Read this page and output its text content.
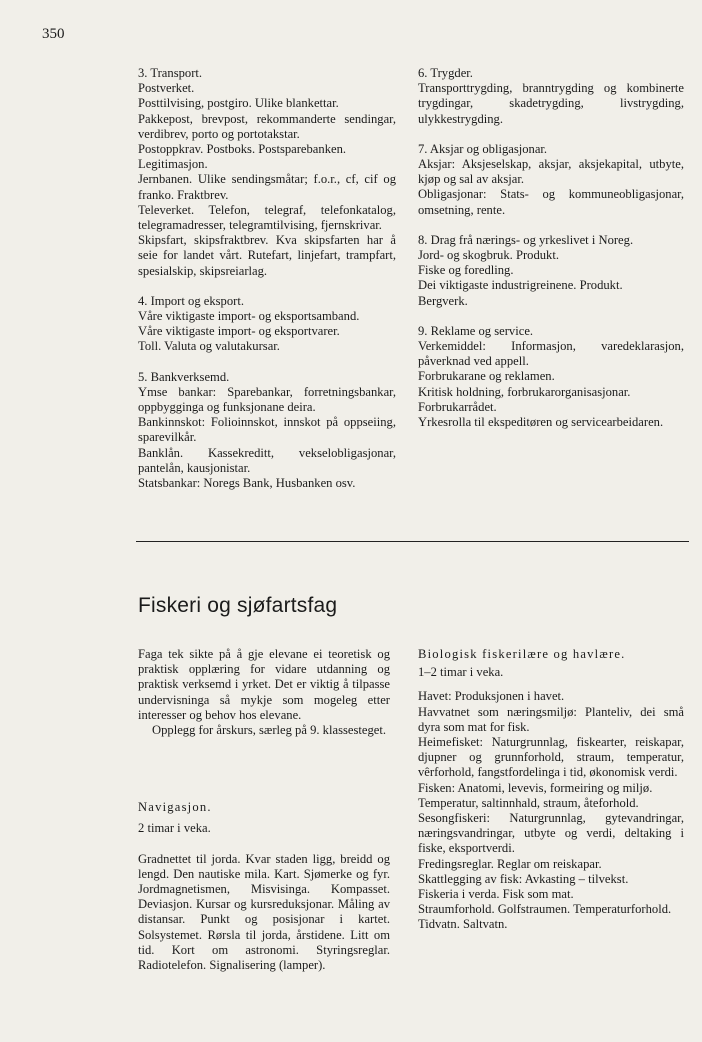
350

3. Transport.

Postverket.

Posttilvising, postgiro. Ulike blankettar.

Pakkepost, brevpost, rekommanderte sendingar, verdibrev, porto og portotakstar.

Postoppkrav. Postboks. Postsparebanken.

Legitimasjon.

Jernbanen. Ulike sendingsmåtar; f.o.r., cf, cif og franko. Fraktbrev.

Televerket. Telefon, telegraf, telefonkatalog, telegramadresser, telegramtilvising, fjernskrivar.

Skipsfart, skipsfraktbrev. Kva skipsfarten har å seie for landet vårt. Rutefart, linjefart, trampfart, spesialskip, skipsreiarlag.

4. Import og eksport.

Våre viktigaste import- og eksportsamband.

Våre viktigaste import- og eksportvarer.

Toll. Valuta og valutakursar.

5. Bankverksemd.

Ymse bankar: Sparebankar, forretningsbankar, oppbygginga og funksjonane deira.

Bankinnskot: Folioinnskot, innskot på oppseiing, sparevilkår.

Banklån. Kassekreditt, vekselobligasjonar, pantelån, kausjonistar.

Statsbankar: Noregs Bank, Husbanken osv.

6. Trygder.

Transporttrygding, branntrygding og kombinerte trygdingar, skadetrygding, livstrygding, ulykkestrygding.

7. Aksjar og obligasjonar.

Aksjar: Aksjeselskap, aksjar, aksjekapital, utbyte, kjøp og sal av aksjar.

Obligasjonar: Stats- og kommuneobligasjonar, omsetning, rente.

8. Drag frå nærings- og yrkeslivet i Noreg.

Jord- og skogbruk. Produkt.

Fiske og foredling.

Dei viktigaste industrigreinene. Produkt.

Bergverk.

9. Reklame og service.

Verkemiddel: Informasjon, varedeklarasjon, påverknad ved appell.

Forbrukarane og reklamen.

Kritisk holdning, forbrukarorganisasjonar.

Forbrukarrådet.

Yrkesrolla til ekspeditøren og servicearbeidaren.

Fiskeri og sjøfartsfag

Faga tek sikte på å gje elevane ei teoretisk og praktisk opplæring for vidare utdanning og praktisk verksemd i yrket. Det er viktig å tilpasse undervisninga så mykje som mogeleg etter interesser og behov hos elevane.

Opplegg for årskurs, særleg på 9. klassesteget.

Navigasjon.

2 timar i veka.

Gradnettet til jorda. Kvar staden ligg, breidd og lengd. Den nautiske mila. Kart. Sjømerke og fyr. Jordmagnetismen, Misvisinga. Kompasset. Deviasjon. Kursar og kursreduksjonar. Måling av distansar. Punkt og posisjonar i kartet. Solsystemet. Rørsla til jorda, årstidene. Litt om tid. Kort om astronomi. Styringsreglar. Radiotelefon. Signalisering (lamper).

Biologisk fiskerilære og havlære.

1–2 timar i veka.

Havet: Produksjonen i havet.

Havvatnet som næringsmiljø: Planteliv, dei små dyra som mat for fisk.

Heimefisket: Naturgrunnlag, fiskearter, reiskapar, djupner og grunnforhold, straum, temperatur, vêrforhold, fangstfordelinga i tid, økonomisk verdi.

Fisken: Anatomi, levevis, formeiring og miljø.

Temperatur, saltinnhald, straum, åteforhold.

Sesongfiskeri: Naturgrunnlag, gytevandringar, næringsvandringar, utbyte og verdi, deltaking i fiske, eksportverdi.

Fredingsreglar. Reglar om reiskapar.

Skattlegging av fisk: Avkasting – tilvekst.

Fiskeria i verda. Fisk som mat.

Straumforhold. Golfstraumen. Temperaturforhold.

Tidvatn. Saltvatn.
